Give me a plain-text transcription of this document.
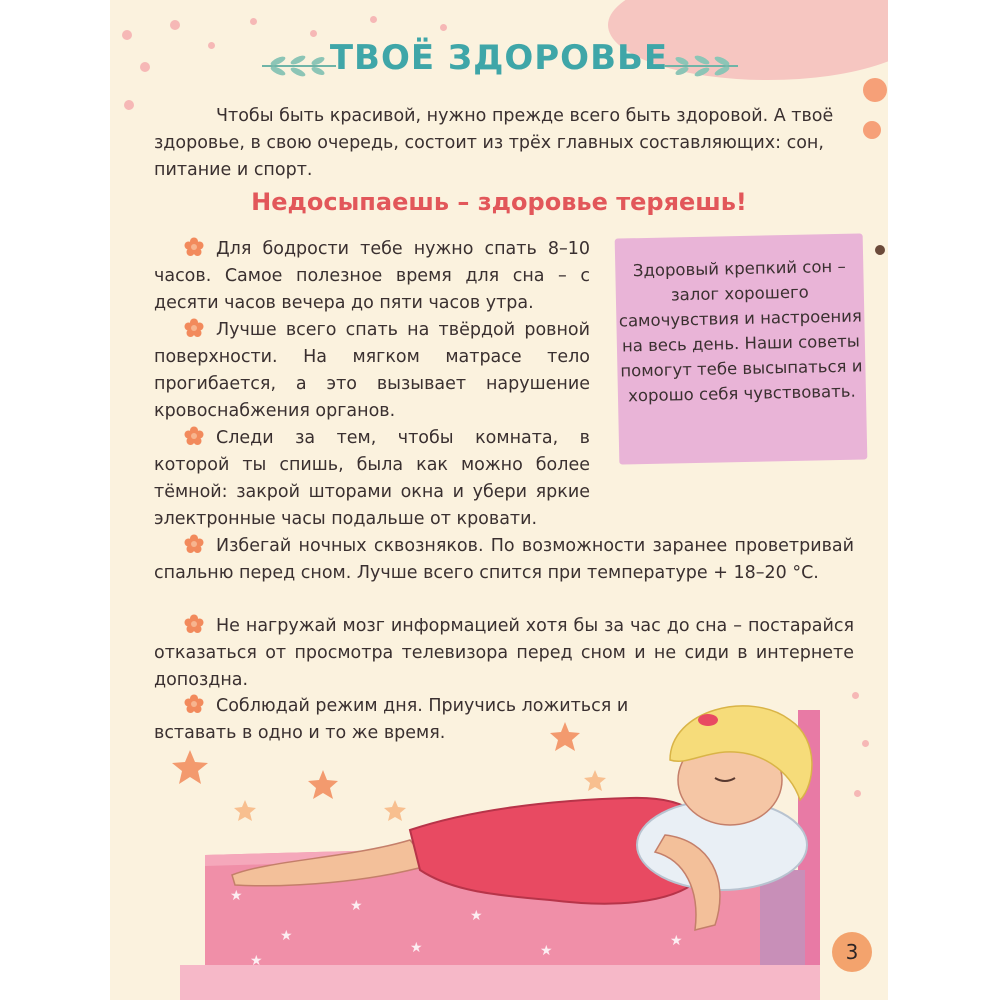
ТВОЁ ЗДОРОВЬЕ
Чтобы быть красивой, нужно прежде всего быть здоровой. А твоё здоровье, в свою очередь, состоит из трёх главных составляющих: сон, питание и спорт.
Недосыпаешь – здоровье теряешь!
Для бодрости тебе нужно спать 8–10 часов. Самое полезное время для сна – с десяти часов вечера до пяти часов утра.
Лучше всего спать на твёрдой ровной поверхности. На мягком матрасе тело прогибается, а это вызывает нарушение кровоснабжения органов.
Следи за тем, чтобы комната, в которой ты спишь, была как можно более тёмной: закрой шторами окна и убери яркие электронные часы подальше от кровати.
Избегай ночных сквозняков. По возможности заранее проветривай спальню перед сном. Лучше всего спится при температуре + 18–20 °С.
Не нагружай мозг информацией хотя бы за час до сна – постарайся отказаться от просмотра телевизора перед сном и не сиди в интернете допоздна.
Соблюдай режим дня. Приучись ложиться и вставать в одно и то же время.
Здоровый крепкий сон – залог хорошего самочувствия и настроения на весь день. Наши советы помогут тебе высыпаться и хорошо себя чувствовать.
★
★
★
★
★
★
★
★	3
